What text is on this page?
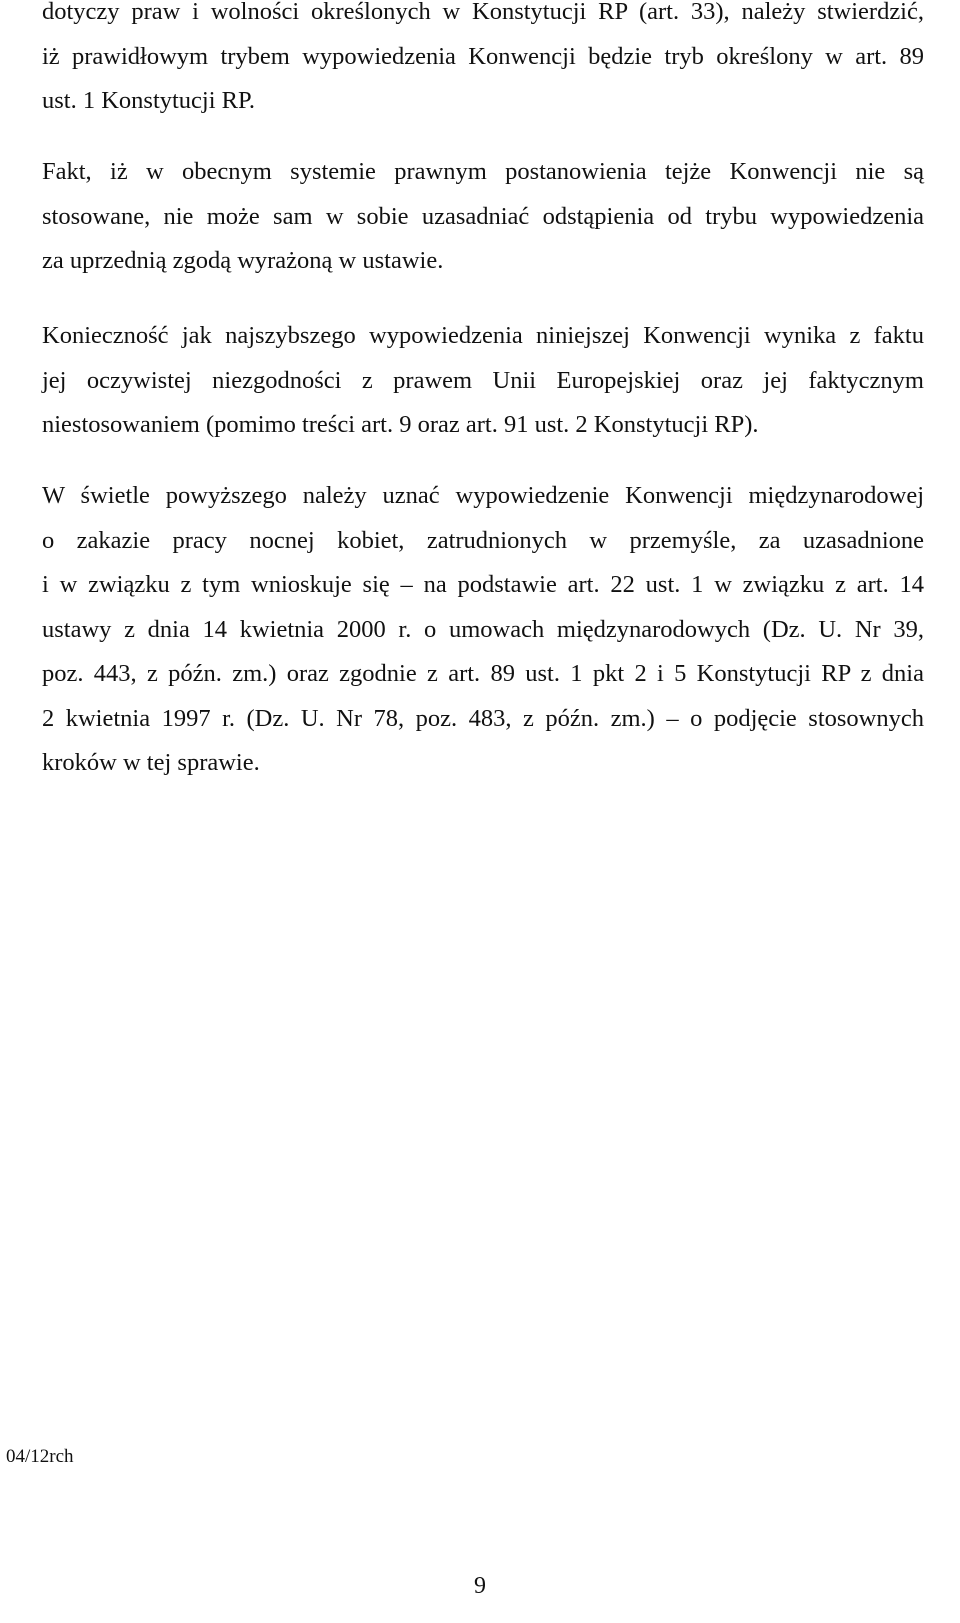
dotyczy praw i wolności określonych w Konstytucji RP (art. 33), należy stwierdzić,
iż prawidłowym trybem wypowiedzenia Konwencji będzie tryb określony w art. 89
ust. 1 Konstytucji RP.
Fakt, iż w obecnym systemie prawnym postanowienia tejże Konwencji nie są
stosowane, nie może sam w sobie uzasadniać odstąpienia od trybu wypowiedzenia
za uprzednią zgodą wyrażoną w ustawie.
Konieczność jak najszybszego wypowiedzenia niniejszej Konwencji wynika z faktu
jej oczywistej niezgodności z prawem Unii Europejskiej oraz jej faktycznym
niestosowaniem (pomimo treści art. 9 oraz art. 91 ust. 2 Konstytucji RP).
W świetle powyższego należy uznać wypowiedzenie Konwencji międzynarodowej
o zakazie pracy nocnej kobiet, zatrudnionych w przemyśle, za uzasadnione
i w związku z tym wnioskuje się – na podstawie art. 22 ust. 1 w związku z art. 14
ustawy z dnia 14 kwietnia 2000 r. o umowach międzynarodowych (Dz. U. Nr 39,
poz. 443, z późn. zm.) oraz zgodnie z art. 89 ust. 1 pkt 2 i 5 Konstytucji RP z dnia
2 kwietnia 1997 r. (Dz. U. Nr 78, poz. 483, z późn. zm.) – o podjęcie stosownych
kroków w tej sprawie.
04/12rch
9
